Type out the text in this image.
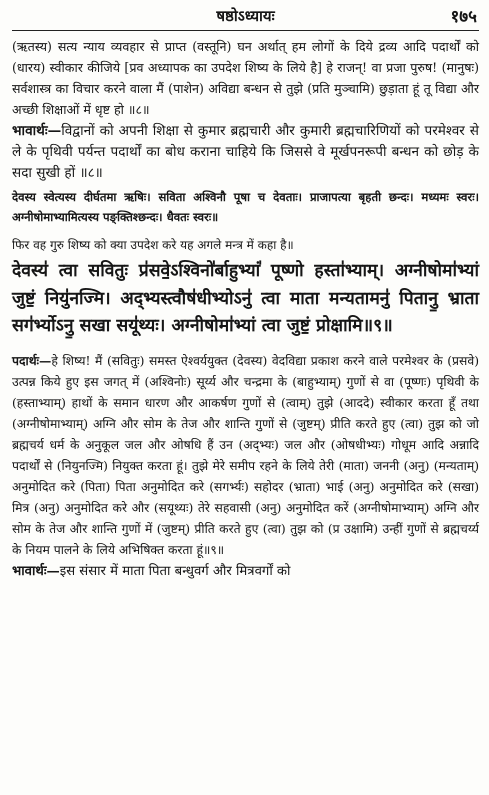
षष्ठोऽध्यायः	१७५

(ऋतस्य) सत्य न्याय व्यवहार से प्राप्त (वस्तूनि) घन अर्थात् हम लोगों के दिये द्रव्य आदि पदार्थों को (धारय) स्वीकार कीजिये [प्रव अध्यापक का उपदेश शिष्य के लिये है] हे राजन्! वा प्रजा पुरुष! (मानुषः) सर्वशास्त्र का विचार करने वाला मैं (पाशेन) अविद्या बन्धन से तुझे (प्रति मुञ्चामि) छुड़ाता हूं तू विद्या और अच्छी शिक्षाओं में धृष्ट हो ॥८॥

भावार्थः—विद्वानों को अपनी शिक्षा से कुमार ब्रह्मचारी और कुमारी ब्रह्मचारिणियों को परमेश्वर से ले के पृथिवी पर्यन्त पदार्थों का बोध कराना चाहिये कि जिससे वे मूर्खपनरूपी बन्धन को छोड़ के सदा सुखी हों ॥८॥

देवस्य स्वेत्यस्य दीर्घतमा ऋषिः। सविता अश्विनौ पूषा च देवताः। प्राजापत्या बृहती छन्दः। मध्यमः स्वरः। अग्नीषोमाभ्यामित्यस्य पङ्क्तिश्छन्दः। धैवतः स्वरः॥

फिर वह गुरु शिष्य को क्या उपदेश करे यह अगले मन्त्र में कहा है॥

देवस्य॑ त्वा सवितुः प्र॑सवे॒ऽश्विनो॑र्बाहुभ्यां॑ पूष्णो हस्ता॑भ्याम्। अग्नीषोमा॑भ्यां जुष्टं॒ नियु॑नज्मि। अद्भ्यस्त्वौष॑धीभ्योऽनु॑ त्वा माता मन्यतामनु॑ पितानु॒ भ्राता सग॑र्भ्योऽनु॒ सखा सयू॑थ्यः। अग्नीषोमा॑भ्यां त्वा जुष्टं॒ प्रोक्षामि॥९॥

पदार्थः—हे शिष्य! मैं (सवितुः) समस्त ऐश्वर्ययुक्त (देवस्य) वेदविद्या प्रकाश करने वाले परमेश्वर के (प्रसवे) उत्पन्न किये हुए इस जगत् में (अश्विनोः) सूर्य्य और चन्द्रमा के (बाहुभ्याम्) गुणों से वा (पूष्णः) पृथिवी के (हस्ताभ्याम्) हाथों के समान धारण और आकर्षण गुणों से (त्वाम्) तुझे (आददे) स्वीकार करता हूँ तथा (अग्नीषोमाभ्याम्) अग्नि और सोम के तेज और शान्ति गुणों से (जुष्टम्) प्रीति करते हुए (त्वा) तुझ को जो ब्रह्मचर्य धर्म के अनुकूल जल और ओषधि हैं उन (अद्भ्यः) जल और (ओषधीभ्यः) गोधूम आदि अन्नादि पदार्थों से (नियुनज्मि) नियुक्त करता हूं। तुझे मेरे समीप रहने के लिये तेरी (माता) जननी (अनु) (मन्यताम्) अनुमोदित करे (पिता) पिता अनुमोदित करे (सगर्भ्यः) सहोदर (भ्राता) भाई (अनु) अनुमोदित करे (सखा) मित्र (अनु) अनुमोदित करे और (सयूथ्यः) तेरे सहवासी (अनु) अनुमोदित करें (अग्नीषोमाभ्याम्) अग्नि और सोम के तेज और शान्ति गुणों में (जुष्टम्) प्रीति करते हुए (त्वा) तुझ को (प्र उक्षामि) उन्हीं गुणों से ब्रह्मचर्य्य के नियम पालने के लिये अभिषिक्त करता हूं॥९॥

भावार्थः—इस संसार में माता पिता बन्धुवर्ग और मित्रवर्गों को
